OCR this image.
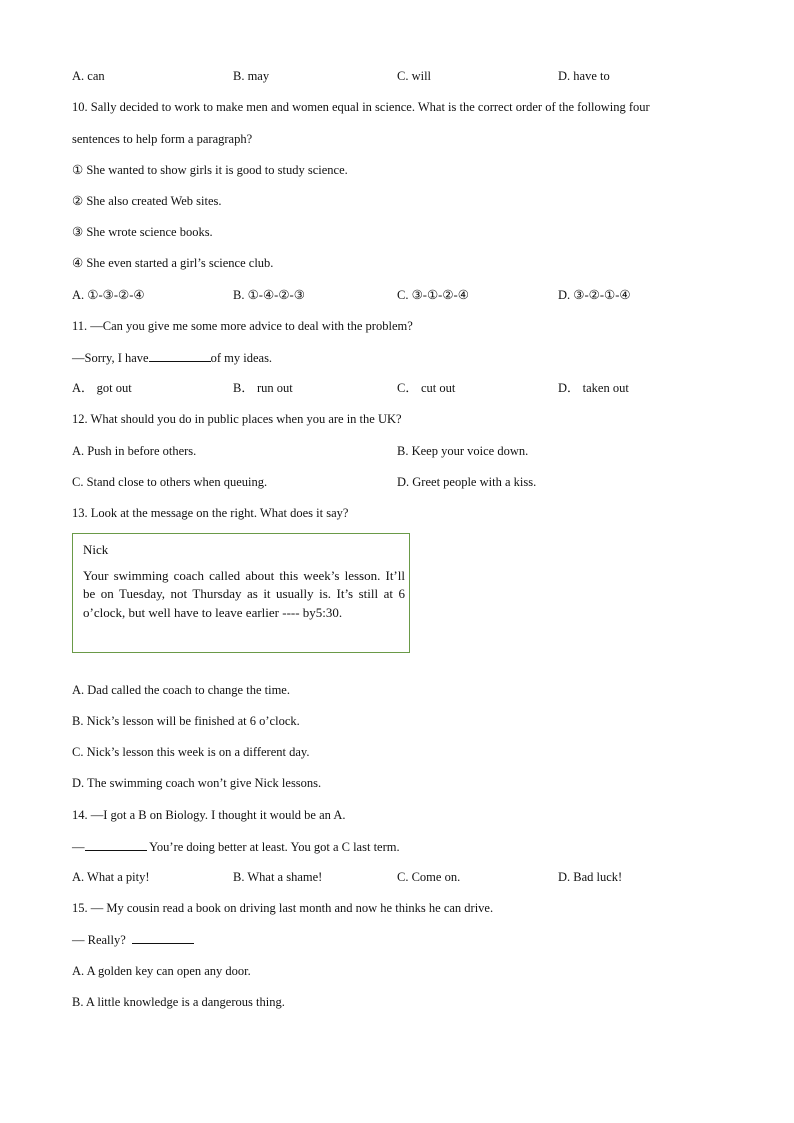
A. can	B. may	C. will	D. have to
10. Sally decided to work to make men and women equal in science. What is the correct order of the following four
sentences to help form a paragraph?
① She wanted to show girls it is good to study science.
② She also created Web sites.
③ She wrote science books.
④ She even started a girl’s science club.
A. ①-③-②-④	B. ①-④-②-③	C. ③-①-②-④	D. ③-②-①-④
11. —Can you give me some more advice to deal with the problem?
—Sorry, I have	of my ideas.
A． got out	B． run out	C． cut out	D． taken out
12. What should you do in public places when you are in the UK?
A. Push in before others.	B. Keep your voice down.
C. Stand close to others when queuing.	D. Greet people with a kiss.
13. Look at the message on the right. What does it say?
Nick
Your swimming coach called about this week’s lesson. It’ll be on Tuesday, not Thursday as it usually is. It’s still at 6 o’clock, but well have to leave earlier ---- by5:30.
A. Dad called the coach to change the time.
B. Nick’s lesson will be finished at 6 o’clock.
C. Nick’s lesson this week is on a different day.
D. The swimming coach won’t give Nick lessons.
14. —I got a B on Biology. I thought it would be an A.
—	You’re doing better at least. You got a C last term.
A. What a pity!	B. What a shame!	C. Come on.	D. Bad luck!
15. — My cousin read a book on driving last month and now he thinks he can drive.
— Really?
A. A golden key can open any door.
B. A little knowledge is a dangerous thing.
